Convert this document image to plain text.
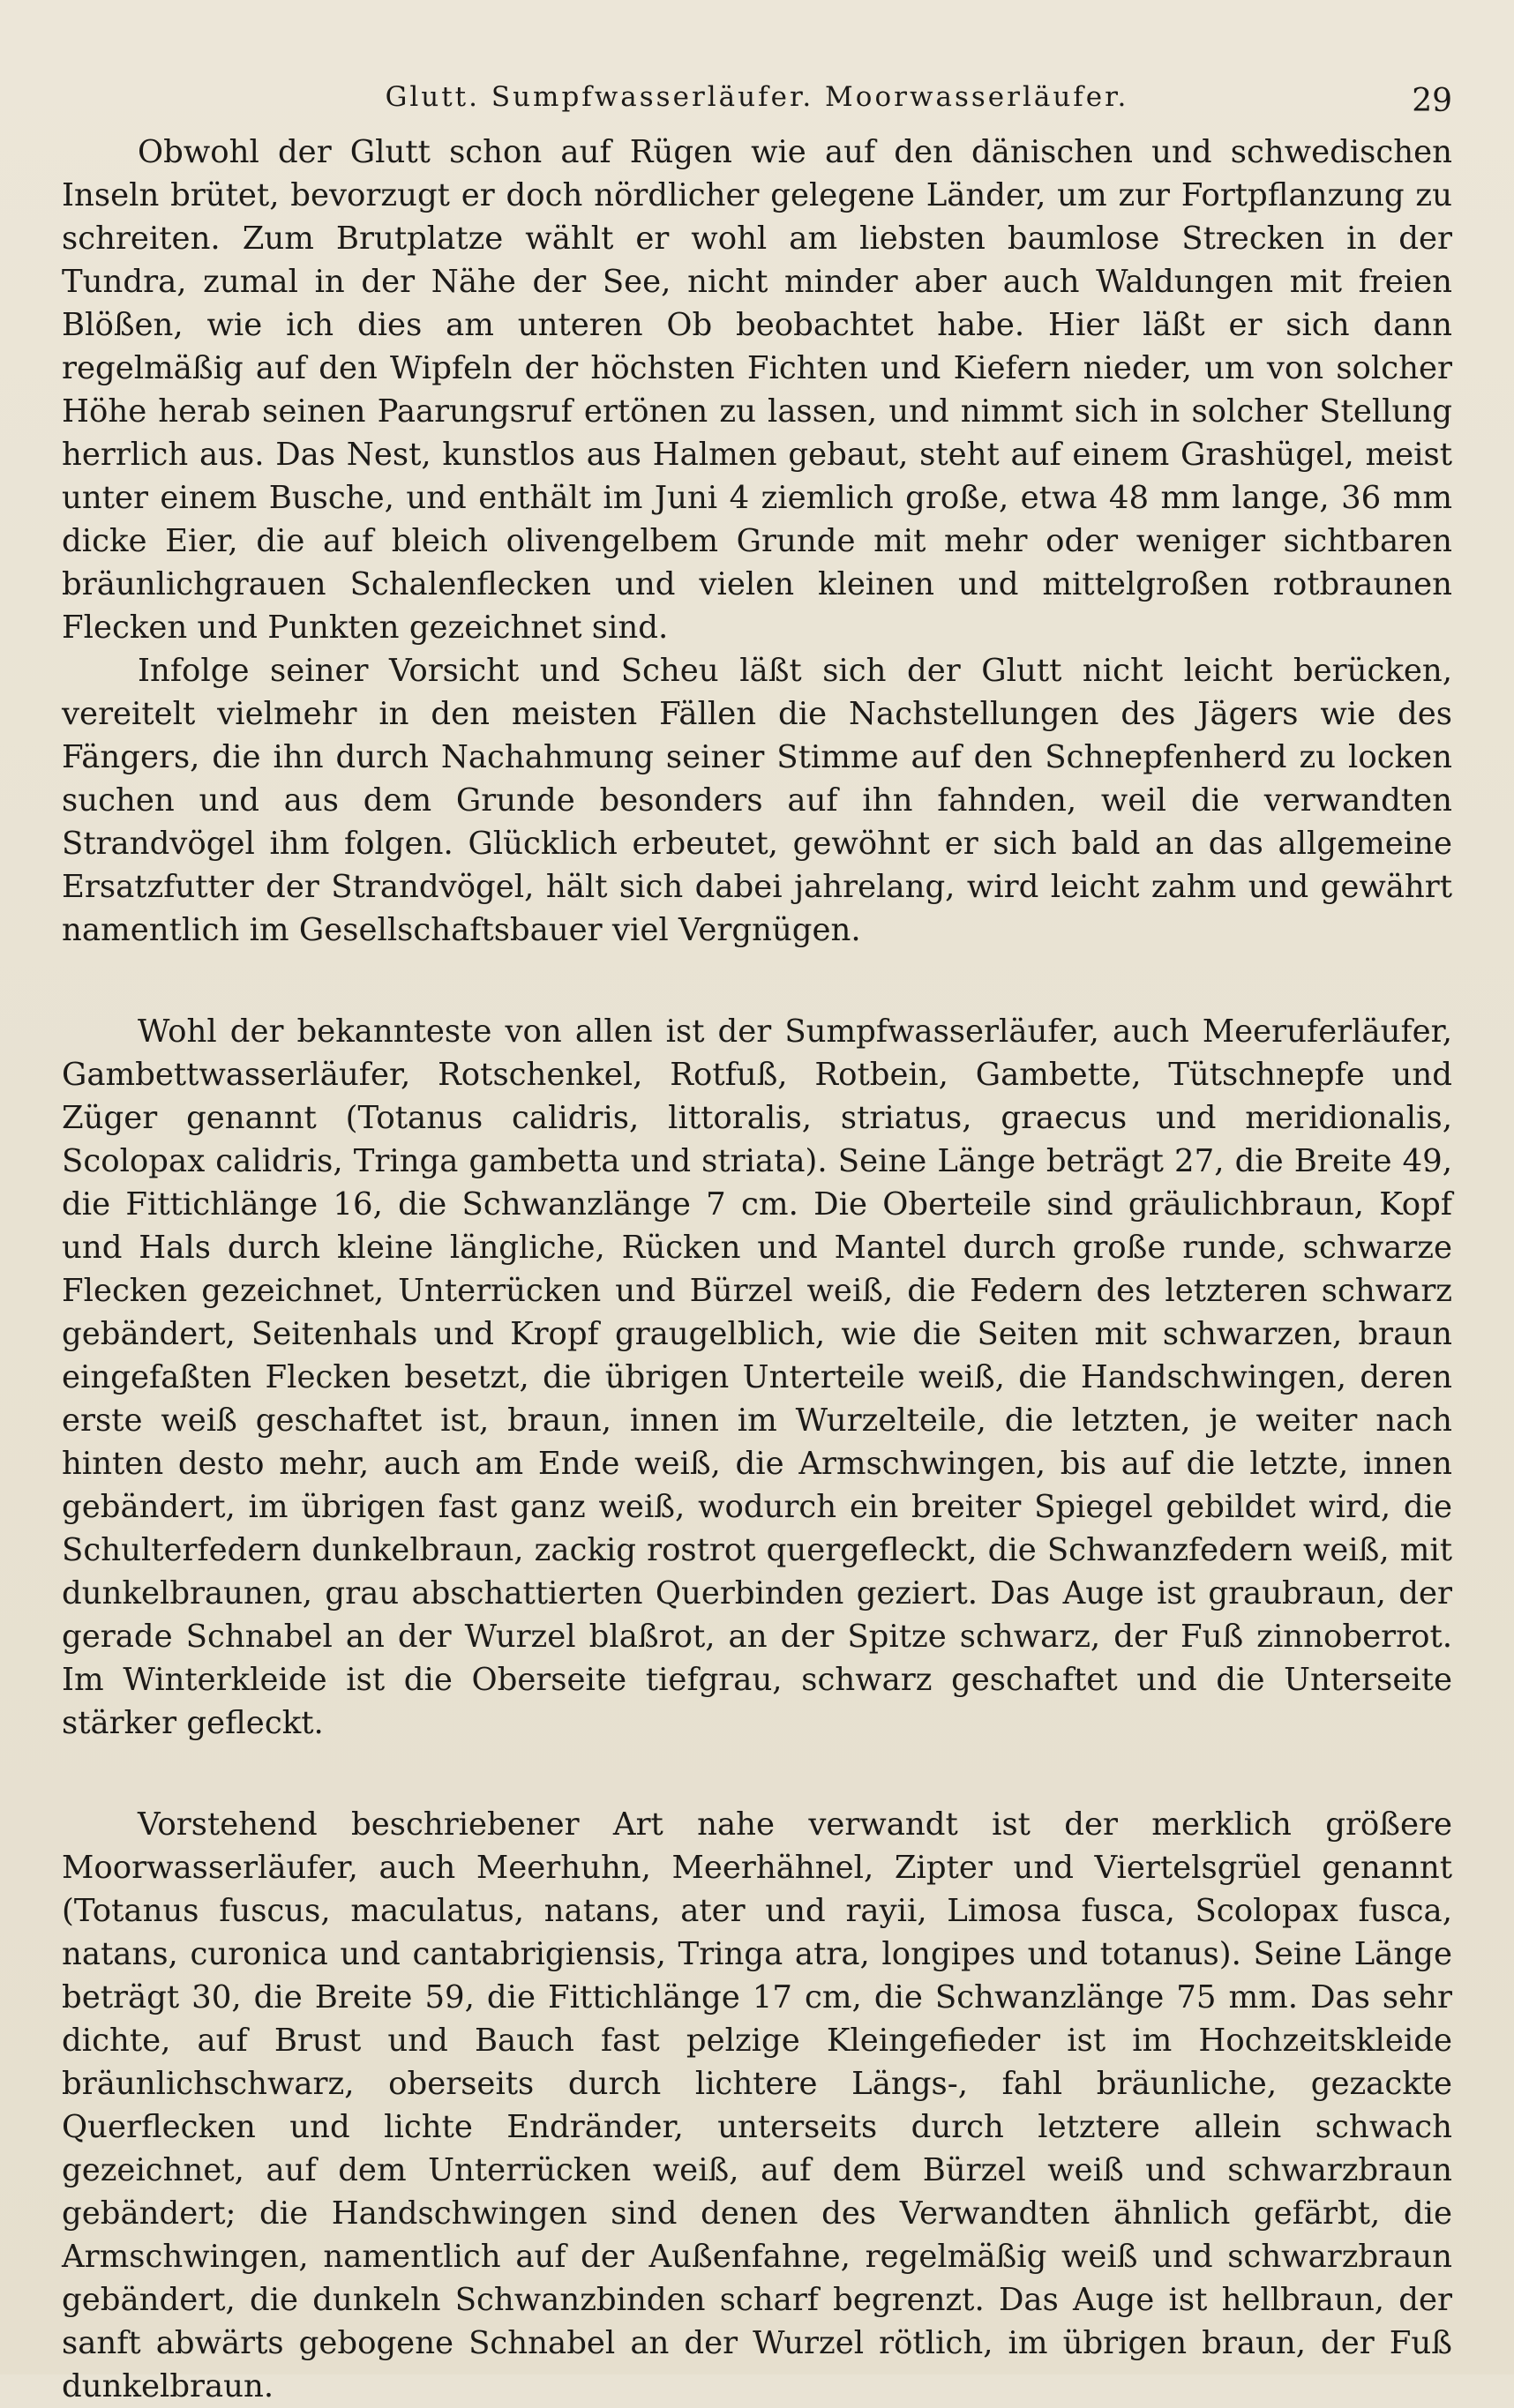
Glutt. Sumpfwasserläufer. Moorwasserläufer.	29

Obwohl der Glutt schon auf Rügen wie auf den dänischen und schwedischen Inseln brütet, bevorzugt er doch nördlicher gelegene Länder, um zur Fortpflanzung zu schreiten. Zum Brutplatze wählt er wohl am liebsten baumlose Strecken in der Tundra, zumal in der Nähe der See, nicht minder aber auch Waldungen mit freien Blößen, wie ich dies am unteren Ob beobachtet habe. Hier läßt er sich dann regelmäßig auf den Wipfeln der höchsten Fichten und Kiefern nieder, um von solcher Höhe herab seinen Paarungsruf ertönen zu lassen, und nimmt sich in solcher Stellung herrlich aus. Das Nest, kunstlos aus Halmen gebaut, steht auf einem Grashügel, meist unter einem Busche, und enthält im Juni 4 ziemlich große, etwa 48 mm lange, 36 mm dicke Eier, die auf bleich olivengelbem Grunde mit mehr oder weniger sichtbaren bräunlichgrauen Schalenflecken und vielen kleinen und mittelgroßen rotbraunen Flecken und Punkten gezeichnet sind.

Infolge seiner Vorsicht und Scheu läßt sich der Glutt nicht leicht berücken, vereitelt vielmehr in den meisten Fällen die Nachstellungen des Jägers wie des Fängers, die ihn durch Nachahmung seiner Stimme auf den Schnepfenherd zu locken suchen und aus dem Grunde besonders auf ihn fahnden, weil die verwandten Strandvögel ihm folgen. Glücklich erbeutet, gewöhnt er sich bald an das allgemeine Ersatzfutter der Strandvögel, hält sich dabei jahrelang, wird leicht zahm und gewährt namentlich im Gesellschaftsbauer viel Vergnügen.

Wohl der bekannteste von allen ist der Sumpfwasserläufer, auch Meeruferläufer, Gambettwasserläufer, Rotschenkel, Rotfuß, Rotbein, Gambette, Tütschnepfe und Züger genannt (Totanus calidris, littoralis, striatus, graecus und meridionalis, Scolopax calidris, Tringa gambetta und striata). Seine Länge beträgt 27, die Breite 49, die Fittichlänge 16, die Schwanzlänge 7 cm. Die Oberteile sind gräulichbraun, Kopf und Hals durch kleine längliche, Rücken und Mantel durch große runde, schwarze Flecken gezeichnet, Unterrücken und Bürzel weiß, die Federn des letzteren schwarz gebändert, Seitenhals und Kropf graugelblich, wie die Seiten mit schwarzen, braun eingefaßten Flecken besetzt, die übrigen Unterteile weiß, die Handschwingen, deren erste weiß geschaftet ist, braun, innen im Wurzelteile, die letzten, je weiter nach hinten desto mehr, auch am Ende weiß, die Armschwingen, bis auf die letzte, innen gebändert, im übrigen fast ganz weiß, wodurch ein breiter Spiegel gebildet wird, die Schulterfedern dunkelbraun, zackig rostrot quergefleckt, die Schwanzfedern weiß, mit dunkelbraunen, grau abschattierten Querbinden geziert. Das Auge ist graubraun, der gerade Schnabel an der Wurzel blaßrot, an der Spitze schwarz, der Fuß zinnoberrot. Im Winterkleide ist die Oberseite tiefgrau, schwarz geschaftet und die Unterseite stärker gefleckt.

Vorstehend beschriebener Art nahe verwandt ist der merklich größere Moorwasserläufer, auch Meerhuhn, Meerhähnel, Zipter und Viertelsgrüel genannt (Totanus fuscus, maculatus, natans, ater und rayii, Limosa fusca, Scolopax fusca, natans, curonica und cantabrigiensis, Tringa atra, longipes und totanus). Seine Länge beträgt 30, die Breite 59, die Fittichlänge 17 cm, die Schwanzlänge 75 mm. Das sehr dichte, auf Brust und Bauch fast pelzige Kleingefieder ist im Hochzeitskleide bräunlichschwarz, oberseits durch lichtere Längs-, fahl bräunliche, gezackte Querflecken und lichte Endränder, unterseits durch letztere allein schwach gezeichnet, auf dem Unterrücken weiß, auf dem Bürzel weiß und schwarzbraun gebändert; die Handschwingen sind denen des Verwandten ähnlich gefärbt, die Armschwingen, namentlich auf der Außenfahne, regelmäßig weiß und schwarzbraun gebändert, die dunkeln Schwanzbinden scharf begrenzt. Das Auge ist hellbraun, der sanft abwärts gebogene Schnabel an der Wurzel rötlich, im übrigen braun, der Fuß dunkelbraun.
